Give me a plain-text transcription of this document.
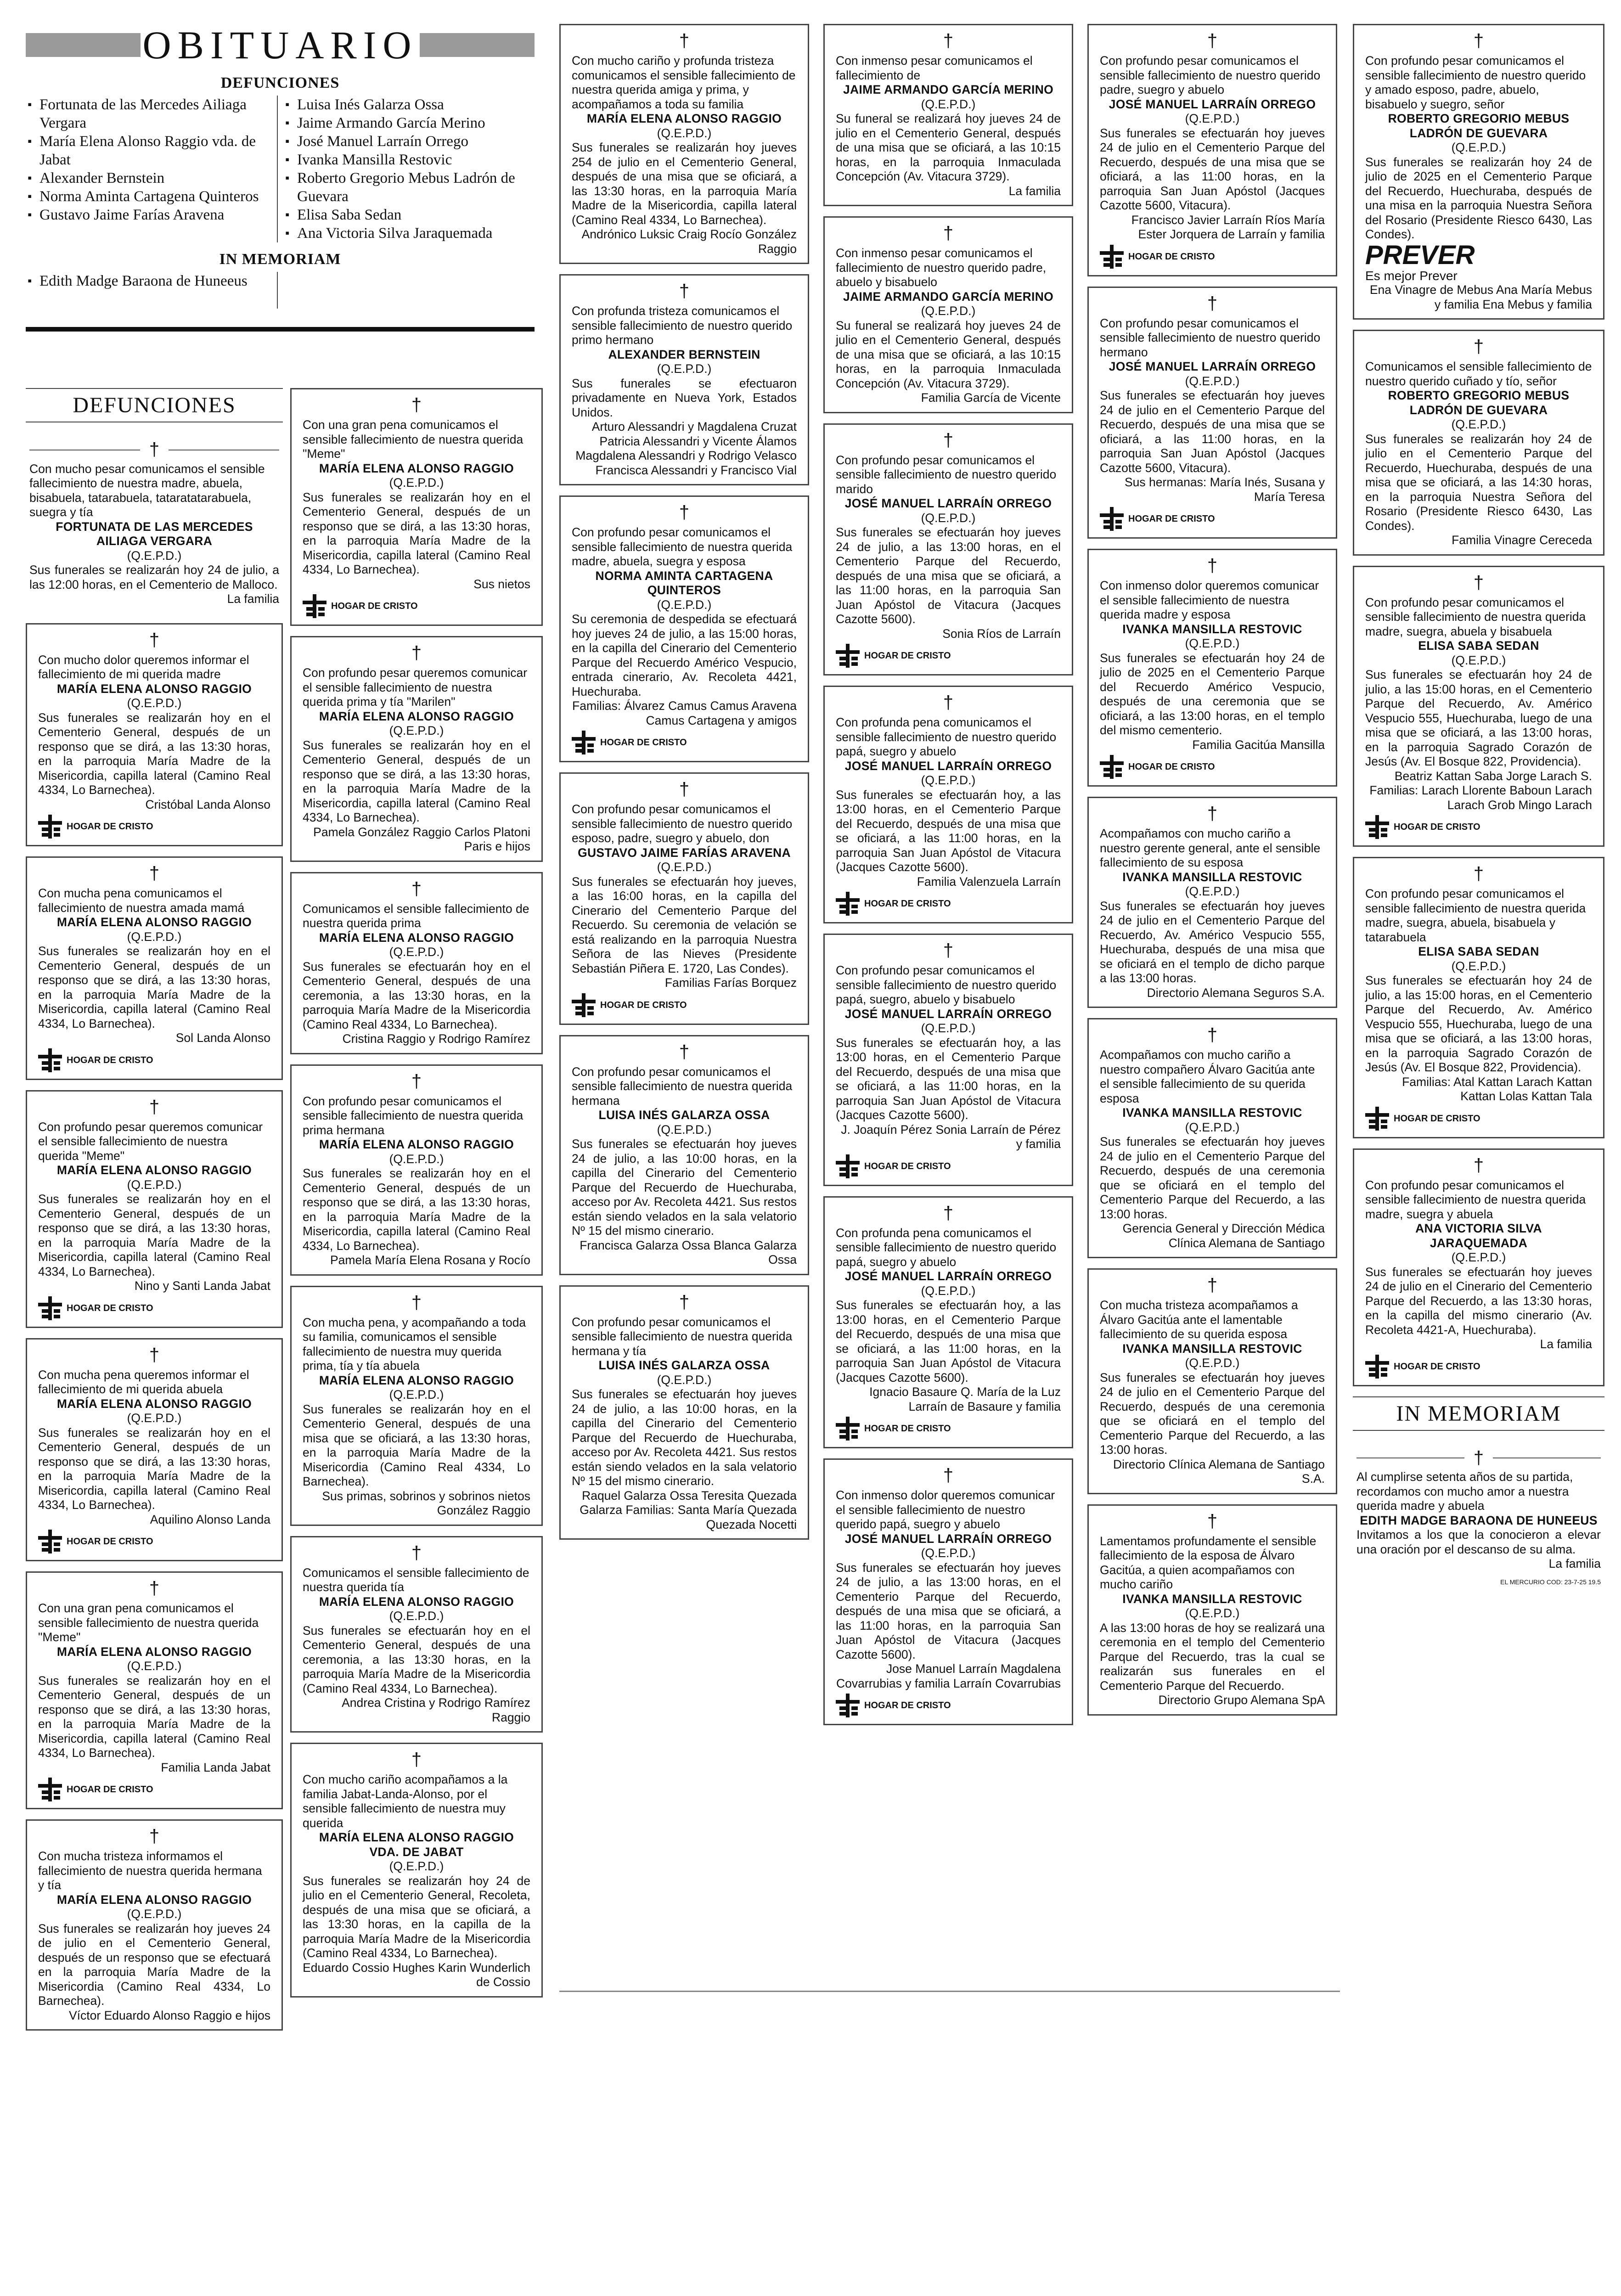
OBITUARIO
DEFUNCIONES
▪ Fortunata de las Mercedes Ailiaga Vergara
▪ María Elena Alonso Raggio vda. de Jabat
▪ Alexander Bernstein
▪ Norma Aminta Cartagena Quinteros
▪ Gustavo Jaime Farías Aravena
▪ Luisa Inés Galarza Ossa
▪ Jaime Armando García Merino
▪ José Manuel Larraín Orrego
▪ Ivanka Mansilla Restovic
▪ Roberto Gregorio Mebus Ladrón de Guevara
▪ Elisa Saba Sedan
▪ Ana Victoria Silva Jaraquemada
IN MEMORIAM
▪ Edith Madge Baraona de Huneeus
DEFUNCIONES
†
Con mucho pesar comunicamos el sensible fallecimiento de nuestra madre, abuela, bisabuela, tatarabuela, tataratatarabuela, suegra y tía
FORTUNATA DE LAS MERCEDES AILIAGA VERGARA
(Q.E.P.D.)
Sus funerales se realizarán hoy 24 de julio, a las 12:00 horas, en el Cementerio de Malloco.
La familia
†
Con mucho dolor queremos informar el fallecimiento de mi querida madre
MARÍA ELENA ALONSO RAGGIO
(Q.E.P.D.)
Sus funerales se realizarán hoy en el Cementerio General, después de un responso que se dirá, a las 13:30 horas, en la parroquia María Madre de la Misericordia, capilla lateral (Camino Real 4334, Lo Barnechea).
Cristóbal Landa Alonso
HOGAR DE CRISTO
†
Con mucha pena comunicamos el fallecimiento de nuestra amada mamá
MARÍA ELENA ALONSO RAGGIO
(Q.E.P.D.)
Sus funerales se realizarán hoy en el Cementerio General, después de un responso que se dirá, a las 13:30 horas, en la parroquia María Madre de la Misericordia, capilla lateral (Camino Real 4334, Lo Barnechea).
Sol Landa Alonso
HOGAR DE CRISTO
†
Con profundo pesar queremos comunicar el sensible fallecimiento de nuestra querida "Meme"
MARÍA ELENA ALONSO RAGGIO
(Q.E.P.D.)
Sus funerales se realizarán hoy en el Cementerio General, después de un responso que se dirá, a las 13:30 horas, en la parroquia María Madre de la Misericordia, capilla lateral (Camino Real 4334, Lo Barnechea).
Nino y Santi Landa Jabat
HOGAR DE CRISTO
†
Con mucha pena queremos informar el fallecimiento de mi querida abuela
MARÍA ELENA ALONSO RAGGIO
(Q.E.P.D.)
Sus funerales se realizarán hoy en el Cementerio General, después de un responso que se dirá, a las 13:30 horas, en la parroquia María Madre de la Misericordia, capilla lateral (Camino Real 4334, Lo Barnechea).
Aquilino Alonso Landa
HOGAR DE CRISTO
†
Con una gran pena comunicamos el sensible fallecimiento de nuestra querida "Meme"
MARÍA ELENA ALONSO RAGGIO
(Q.E.P.D.)
Sus funerales se realizarán hoy en el Cementerio General, después de un responso que se dirá, a las 13:30 horas, en la parroquia María Madre de la Misericordia, capilla lateral (Camino Real 4334, Lo Barnechea).
Familia Landa Jabat
HOGAR DE CRISTO
†
Con mucha tristeza informamos el fallecimiento de nuestra querida hermana y tía
MARÍA ELENA ALONSO RAGGIO
(Q.E.P.D.)
Sus funerales se realizarán hoy jueves 24 de julio en el Cementerio General, después de un responso que se efectuará en la parroquia María Madre de la Misericordia (Camino Real 4334, Lo Barnechea).
Víctor Eduardo Alonso Raggio e hijos
†
Con una gran pena comunicamos el sensible fallecimiento de nuestra querida "Meme"
MARÍA ELENA ALONSO RAGGIO
(Q.E.P.D.)
Sus funerales se realizarán hoy en el Cementerio General, después de un responso que se dirá, a las 13:30 horas, en la parroquia María Madre de la Misericordia, capilla lateral (Camino Real 4334, Lo Barnechea).
Sus nietos
HOGAR DE CRISTO
†
Con profundo pesar queremos comunicar el sensible fallecimiento de nuestra querida prima y tía "Marilen"
MARÍA ELENA ALONSO RAGGIO
(Q.E.P.D.)
Sus funerales se realizarán hoy en el Cementerio General, después de un responso que se dirá, a las 13:30 horas, en la parroquia María Madre de la Misericordia, capilla lateral (Camino Real 4334, Lo Barnechea).
Pamela González Raggio Carlos Platoni Paris e hijos
†
Comunicamos el sensible fallecimiento de nuestra querida prima
MARÍA ELENA ALONSO RAGGIO
(Q.E.P.D.)
Sus funerales se efectuarán hoy en el Cementerio General, después de una ceremonia, a las 13:30 horas, en la parroquia María Madre de la Misericordia (Camino Real 4334, Lo Barnechea).
Cristina Raggio y Rodrigo Ramírez
†
Con profundo pesar comunicamos el sensible fallecimiento de nuestra querida prima hermana
MARÍA ELENA ALONSO RAGGIO
(Q.E.P.D.)
Sus funerales se realizarán hoy en el Cementerio General, después de un responso que se dirá, a las 13:30 horas, en la parroquia María Madre de la Misericordia, capilla lateral (Camino Real 4334, Lo Barnechea).
Pamela María Elena Rosana y Rocío
†
Con mucha pena, y acompañando a toda su familia, comunicamos el sensible fallecimiento de nuestra muy querida prima, tía y tía abuela
MARÍA ELENA ALONSO RAGGIO
(Q.E.P.D.)
Sus funerales se realizarán hoy en el Cementerio General, después de una misa que se oficiará, a las 13:30 horas, en la parroquia María Madre de la Misericordia (Camino Real 4334, Lo Barnechea).
Sus primas, sobrinos y sobrinos nietos González Raggio
†
Comunicamos el sensible fallecimiento de nuestra querida tía
MARÍA ELENA ALONSO RAGGIO
(Q.E.P.D.)
Sus funerales se efectuarán hoy en el Cementerio General, después de una ceremonia, a las 13:30 horas, en la parroquia María Madre de la Misericordia (Camino Real 4334, Lo Barnechea).
Andrea Cristina y Rodrigo Ramírez Raggio
†
Con mucho cariño acompañamos a la familia Jabat-Landa-Alonso, por el sensible fallecimiento de nuestra muy querida
MARÍA ELENA ALONSO RAGGIO VDA. DE JABAT
(Q.E.P.D.)
Sus funerales se realizarán hoy 24 de julio en el Cementerio General, Recoleta, después de una misa que se oficiará, a las 13:30 horas, en la capilla de la parroquia María Madre de la Misericordia (Camino Real 4334, Lo Barnechea).
Eduardo Cossio Hughes Karin Wunderlich de Cossio
†
Con mucho cariño y profunda tristeza comunicamos el sensible fallecimiento de nuestra querida amiga y prima, y acompañamos a toda su familia
MARÍA ELENA ALONSO RAGGIO
(Q.E.P.D.)
Sus funerales se realizarán hoy jueves 254 de julio en el Cementerio General, después de una misa que se oficiará, a las 13:30 horas, en la parroquia María Madre de la Misericordia, capilla lateral (Camino Real 4334, Lo Barnechea).
Andrónico Luksic Craig Rocío González Raggio
†
Con profunda tristeza comunicamos el sensible fallecimiento de nuestro querido primo hermano
ALEXANDER BERNSTEIN
(Q.E.P.D.)
Sus funerales se efectuaron privadamente en Nueva York, Estados Unidos.
Arturo Alessandri y Magdalena Cruzat Patricia Alessandri y Vicente Álamos Magdalena Alessandri y Rodrigo Velasco Francisca Alessandri y Francisco Vial
†
Con profundo pesar comunicamos el sensible fallecimiento de nuestra querida madre, abuela, suegra y esposa
NORMA AMINTA CARTAGENA QUINTEROS
(Q.E.P.D.)
Su ceremonia de despedida se efectuará hoy jueves 24 de julio, a las 15:00 horas, en la capilla del Cinerario del Cementerio Parque del Recuerdo Américo Vespucio, entrada cinerario, Av. Recoleta 4421, Huechuraba.
Familias: Álvarez Camus Camus Aravena Camus Cartagena y amigos
HOGAR DE CRISTO
†
Con profundo pesar comunicamos el sensible fallecimiento de nuestro querido esposo, padre, suegro y abuelo, don
GUSTAVO JAIME FARÍAS ARAVENA
(Q.E.P.D.)
Sus funerales se efectuarán hoy jueves, a las 16:00 horas, en la capilla del Cinerario del Cementerio Parque del Recuerdo. Su ceremonia de velación se está realizando en la parroquia Nuestra Señora de las Nieves (Presidente Sebastián Piñera E. 1720, Las Condes).
Familias Farías Borquez
HOGAR DE CRISTO
†
Con profundo pesar comunicamos el sensible fallecimiento de nuestra querida hermana
LUISA INÉS GALARZA OSSA
(Q.E.P.D.)
Sus funerales se efectuarán hoy jueves 24 de julio, a las 10:00 horas, en la capilla del Cinerario del Cementerio Parque del Recuerdo de Huechuraba, acceso por Av. Recoleta 4421. Sus restos están siendo velados en la sala velatorio Nº 15 del mismo cinerario.
Francisca Galarza Ossa Blanca Galarza Ossa
†
Con profundo pesar comunicamos el sensible fallecimiento de nuestra querida hermana y tía
LUISA INÉS GALARZA OSSA
(Q.E.P.D.)
Sus funerales se efectuarán hoy jueves 24 de julio, a las 10:00 horas, en la capilla del Cinerario del Cementerio Parque del Recuerdo de Huechuraba, acceso por Av. Recoleta 4421. Sus restos están siendo velados en la sala velatorio Nº 15 del mismo cinerario.
Raquel Galarza Ossa Teresita Quezada Galarza Familias: Santa María Quezada Quezada Nocetti
†
Con inmenso pesar comunicamos el fallecimiento de
JAIME ARMANDO GARCÍA MERINO
(Q.E.P.D.)
Su funeral se realizará hoy jueves 24 de julio en el Cementerio General, después de una misa que se oficiará, a las 10:15 horas, en la parroquia Inmaculada Concepción (Av. Vitacura 3729).
La familia
†
Con inmenso pesar comunicamos el fallecimiento de nuestro querido padre, abuelo y bisabuelo
JAIME ARMANDO GARCÍA MERINO
(Q.E.P.D.)
Su funeral se realizará hoy jueves 24 de julio en el Cementerio General, después de una misa que se oficiará, a las 10:15 horas, en la parroquia Inmaculada Concepción (Av. Vitacura 3729).
Familia García de Vicente
†
Con profundo pesar comunicamos el sensible fallecimiento de nuestro querido marido
JOSÉ MANUEL LARRAÍN ORREGO
(Q.E.P.D.)
Sus funerales se efectuarán hoy jueves 24 de julio, a las 13:00 horas, en el Cementerio Parque del Recuerdo, después de una misa que se oficiará, a las 11:00 horas, en la parroquia San Juan Apóstol de Vitacura (Jacques Cazotte 5600).
Sonia Ríos de Larraín
HOGAR DE CRISTO
†
Con profunda pena comunicamos el sensible fallecimiento de nuestro querido papá, suegro y abuelo
JOSÉ MANUEL LARRAÍN ORREGO
(Q.E.P.D.)
Sus funerales se efectuarán hoy, a las 13:00 horas, en el Cementerio Parque del Recuerdo, después de una misa que se oficiará, a las 11:00 horas, en la parroquia San Juan Apóstol de Vitacura (Jacques Cazotte 5600).
Familia Valenzuela Larraín
HOGAR DE CRISTO
†
Con profundo pesar comunicamos el sensible fallecimiento de nuestro querido papá, suegro, abuelo y bisabuelo
JOSÉ MANUEL LARRAÍN ORREGO
(Q.E.P.D.)
Sus funerales se efectuarán hoy, a las 13:00 horas, en el Cementerio Parque del Recuerdo, después de una misa que se oficiará, a las 11:00 horas, en la parroquia San Juan Apóstol de Vitacura (Jacques Cazotte 5600).
J. Joaquín Pérez Sonia Larraín de Pérez y familia
HOGAR DE CRISTO
†
Con profunda pena comunicamos el sensible fallecimiento de nuestro querido papá, suegro y abuelo
JOSÉ MANUEL LARRAÍN ORREGO
(Q.E.P.D.)
Sus funerales se efectuarán hoy, a las 13:00 horas, en el Cementerio Parque del Recuerdo, después de una misa que se oficiará, a las 11:00 horas, en la parroquia San Juan Apóstol de Vitacura (Jacques Cazotte 5600).
Ignacio Basaure Q. María de la Luz Larraín de Basaure y familia
HOGAR DE CRISTO
†
Con inmenso dolor queremos comunicar el sensible fallecimiento de nuestro querido papá, suegro y abuelo
JOSÉ MANUEL LARRAÍN ORREGO
(Q.E.P.D.)
Sus funerales se efectuarán hoy jueves 24 de julio, a las 13:00 horas, en el Cementerio Parque del Recuerdo, después de una misa que se oficiará, a las 11:00 horas, en la parroquia San Juan Apóstol de Vitacura (Jacques Cazotte 5600).
Jose Manuel Larraín Magdalena Covarrubias y familia Larraín Covarrubias
HOGAR DE CRISTO
†
Con profundo pesar comunicamos el sensible fallecimiento de nuestro querido padre, suegro y abuelo
JOSÉ MANUEL LARRAÍN ORREGO
(Q.E.P.D.)
Sus funerales se efectuarán hoy jueves 24 de julio en el Cementerio Parque del Recuerdo, después de una misa que se oficiará, a las 11:00 horas, en la parroquia San Juan Apóstol (Jacques Cazotte 5600, Vitacura).
Francisco Javier Larraín Ríos María Ester Jorquera de Larraín y familia
HOGAR DE CRISTO
†
Con profundo pesar comunicamos el sensible fallecimiento de nuestro querido hermano
JOSÉ MANUEL LARRAÍN ORREGO
(Q.E.P.D.)
Sus funerales se efectuarán hoy jueves 24 de julio en el Cementerio Parque del Recuerdo, después de una misa que se oficiará, a las 11:00 horas, en la parroquia San Juan Apóstol (Jacques Cazotte 5600, Vitacura).
Sus hermanas: María Inés, Susana y María Teresa
HOGAR DE CRISTO
†
Con inmenso dolor queremos comunicar el sensible fallecimiento de nuestra querida madre y esposa
IVANKA MANSILLA RESTOVIC
(Q.E.P.D.)
Sus funerales se efectuarán hoy 24 de julio de 2025 en el Cementerio Parque del Recuerdo Américo Vespucio, después de una ceremonia que se oficiará, a las 13:00 horas, en el templo del mismo cementerio.
Familia Gacitúa Mansilla
HOGAR DE CRISTO
†
Acompañamos con mucho cariño a nuestro gerente general, ante el sensible fallecimiento de su esposa
IVANKA MANSILLA RESTOVIC
(Q.E.P.D.)
Sus funerales se efectuarán hoy jueves 24 de julio en el Cementerio Parque del Recuerdo, Av. Américo Vespucio 555, Huechuraba, después de una misa que se oficiará en el templo de dicho parque a las 13:00 horas.
Directorio Alemana Seguros S.A.
†
Acompañamos con mucho cariño a nuestro compañero Álvaro Gacitúa ante el sensible fallecimiento de su querida esposa
IVANKA MANSILLA RESTOVIC
(Q.E.P.D.)
Sus funerales se efectuarán hoy jueves 24 de julio en el Cementerio Parque del Recuerdo, después de una ceremonia que se oficiará en el templo del Cementerio Parque del Recuerdo, a las 13:00 horas.
Gerencia General y Dirección Médica Clínica Alemana de Santiago
†
Con mucha tristeza acompañamos a Álvaro Gacitúa ante el lamentable fallecimiento de su querida esposa
IVANKA MANSILLA RESTOVIC
(Q.E.P.D.)
Sus funerales se efectuarán hoy jueves 24 de julio en el Cementerio Parque del Recuerdo, después de una ceremonia que se oficiará en el templo del Cementerio Parque del Recuerdo, a las 13:00 horas.
Directorio Clínica Alemana de Santiago S.A.
†
Lamentamos profundamente el sensible fallecimiento de la esposa de Álvaro Gacitúa, a quien acompañamos con mucho cariño
IVANKA MANSILLA RESTOVIC
(Q.E.P.D.)
A las 13:00 horas de hoy se realizará una ceremonia en el templo del Cementerio Parque del Recuerdo, tras la cual se realizarán sus funerales en el Cementerio Parque del Recuerdo.
Directorio Grupo Alemana SpA
†
Con profundo pesar comunicamos el sensible fallecimiento de nuestro querido y amado esposo, padre, abuelo, bisabuelo y suegro, señor
ROBERTO GREGORIO MEBUS LADRÓN DE GUEVARA
(Q.E.P.D.)
Sus funerales se realizarán hoy 24 de julio de 2025 en el Cementerio Parque del Recuerdo, Huechuraba, después de una misa en la parroquia Nuestra Señora del Rosario (Presidente Riesco 6430, Las Condes).
PREVER
Es mejor Prever
Ena Vinagre de Mebus Ana María Mebus y familia Ena Mebus y familia
†
Comunicamos el sensible fallecimiento de nuestro querido cuñado y tío, señor
ROBERTO GREGORIO MEBUS LADRÓN DE GUEVARA
(Q.E.P.D.)
Sus funerales se realizarán hoy 24 de julio en el Cementerio Parque del Recuerdo, Huechuraba, después de una misa que se oficiará, a las 14:30 horas, en la parroquia Nuestra Señora del Rosario (Presidente Riesco 6430, Las Condes).
Familia Vinagre Cereceda
†
Con profundo pesar comunicamos el sensible fallecimiento de nuestra querida madre, suegra, abuela y bisabuela
ELISA SABA SEDAN
(Q.E.P.D.)
Sus funerales se efectuarán hoy 24 de julio, a las 15:00 horas, en el Cementerio Parque del Recuerdo, Av. Américo Vespucio 555, Huechuraba, luego de una misa que se oficiará, a las 13:00 horas, en la parroquia Sagrado Corazón de Jesús (Av. El Bosque 822, Providencia).
Beatriz Kattan Saba Jorge Larach S. Familias: Larach Llorente Baboun Larach Larach Grob Mingo Larach
HOGAR DE CRISTO
†
Con profundo pesar comunicamos el sensible fallecimiento de nuestra querida madre, suegra, abuela, bisabuela y tatarabuela
ELISA SABA SEDAN
(Q.E.P.D.)
Sus funerales se efectuarán hoy 24 de julio, a las 15:00 horas, en el Cementerio Parque del Recuerdo, Av. Américo Vespucio 555, Huechuraba, luego de una misa que se oficiará, a las 13:00 horas, en la parroquia Sagrado Corazón de Jesús (Av. El Bosque 822, Providencia).
Familias: Atal Kattan Larach Kattan Kattan Lolas Kattan Tala
HOGAR DE CRISTO
†
Con profundo pesar comunicamos el sensible fallecimiento de nuestra querida madre, suegra y abuela
ANA VICTORIA SILVA JARAQUEMADA
(Q.E.P.D.)
Sus funerales se efectuarán hoy jueves 24 de julio en el Cinerario del Cementerio Parque del Recuerdo, a las 13:30 horas, en la capilla del mismo cinerario (Av. Recoleta 4421-A, Huechuraba).
La familia
HOGAR DE CRISTO
IN MEMORIAM
†
Al cumplirse setenta años de su partida, recordamos con mucho amor a nuestra querida madre y abuela
EDITH MADGE BARAONA DE HUNEEUS
Invitamos a los que la conocieron a elevar una oración por el descanso de su alma.
La familia
EL MERCURIO COD: 23-7-25 19.5
